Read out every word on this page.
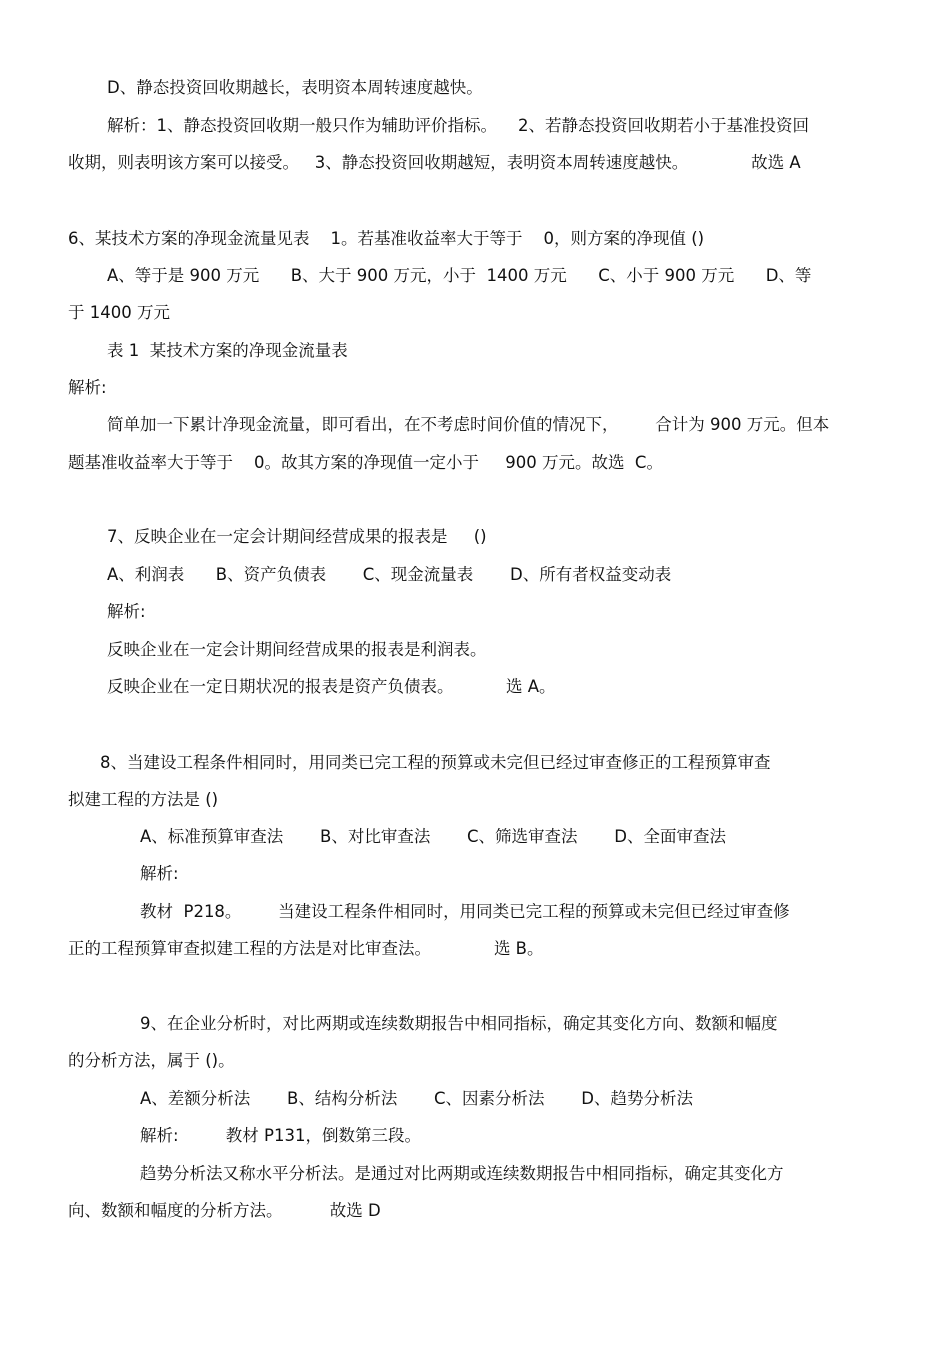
D、静态投资回收期越长，表明资本周转速度越快。
解析：1、静态投资回收期一般只作为辅助评价指标。    2、若静态投资回收期若小于基准投资回
收期，则表明该方案可以接受。   3、静态投资回收期越短，表明资本周转速度越快。            故选 A
6、某技术方案的净现金流量见表    1。若基准收益率大于等于    0，则方案的净现值 ()
A、等于是 900 万元      B、大于 900 万元，小于  1400 万元      C、小于 900 万元      D、等
于 1400 万元
表 1  某技术方案的净现金流量表
解析:
简单加一下累计净现金流量，即可看出，在不考虑时间价值的情况下，       合计为 900 万元。但本
题基准收益率大于等于    0。故其方案的净现值一定小于     900 万元。故选  C。
7、反映企业在一定会计期间经营成果的报表是     ()
A、利润表      B、资产负债表       C、现金流量表       D、所有者权益变动表
解析:
反映企业在一定会计期间经营成果的报表是利润表。
反映企业在一定日期状况的报表是资产负债表。          选 A。
8、当建设工程条件相同时，用同类已完工程的预算或未完但已经过审查修正的工程预算审查
拟建工程的方法是 ()
A、标准预算审查法       B、对比审查法       C、筛选审查法       D、全面审查法
解析:
教材  P218。       当建设工程条件相同时，用同类已完工程的预算或未完但已经过审查修
正的工程预算审查拟建工程的方法是对比审查法。            选 B。
9、在企业分析时，对比两期或连续数期报告中相同指标，确定其变化方向、数额和幅度
的分析方法，属于 ()。
A、差额分析法       B、结构分析法       C、因素分析法       D、趋势分析法
解析:         教材 P131，倒数第三段。
趋势分析法又称水平分析法。是通过对比两期或连续数期报告中相同指标，确定其变化方
向、数额和幅度的分析方法。         故选 D
